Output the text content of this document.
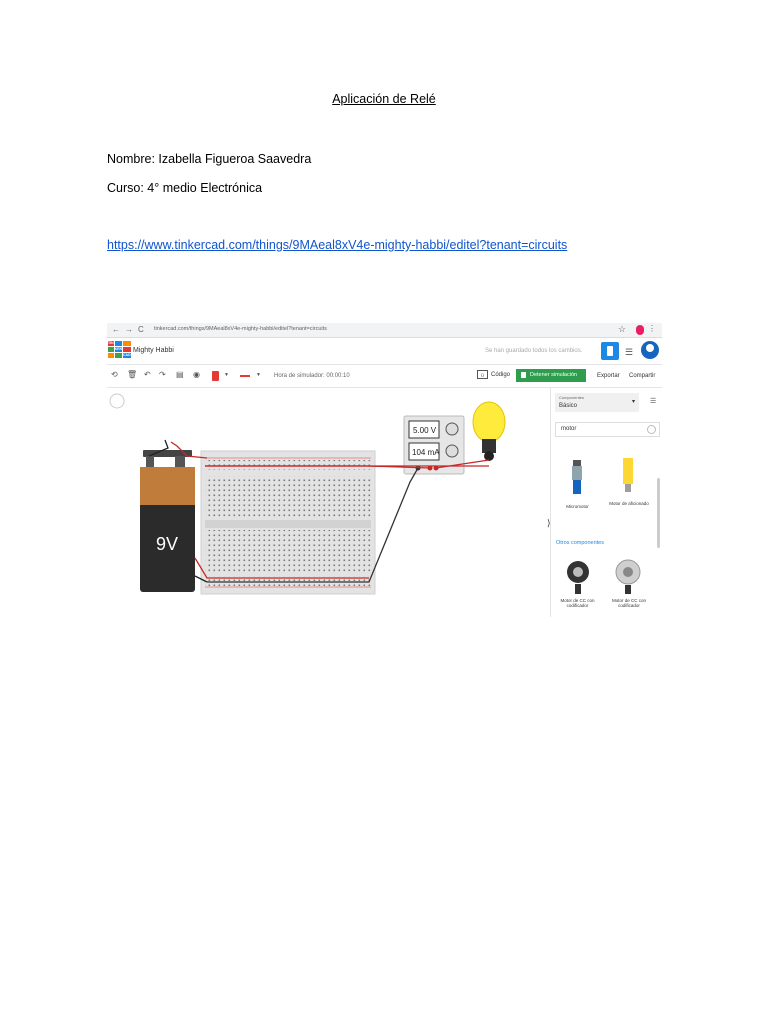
Aplicación de Relé
Nombre: Izabella Figueroa Saavedra
Curso: 4° medio Electrónica
https://www.tinkercad.com/things/9MAeal8xV4e-mighty-habbi/editel?tenant=circuits
← → C tinkercad.com/things/9MAeal8xV4e-mighty-habbi/editel?tenant=circuits	☆	⋮
TIN
KER
CAD
Mighty Habbi	Se han guardado todos los cambios.	☰
⟲ 🗑 ↶ ↷ ▤ ◉	▼	▼ Hora de simulador: 00:00:10	{} Código	Detener simulación	Exportar Compartir
9V
5.00 V
104 mA
Componentes
Básico
▾ ☰
motor
Micromotor
Motor de aficionado
Otros componentes
Motor de CC con codificador
Motor de CC con codificador
⟩
